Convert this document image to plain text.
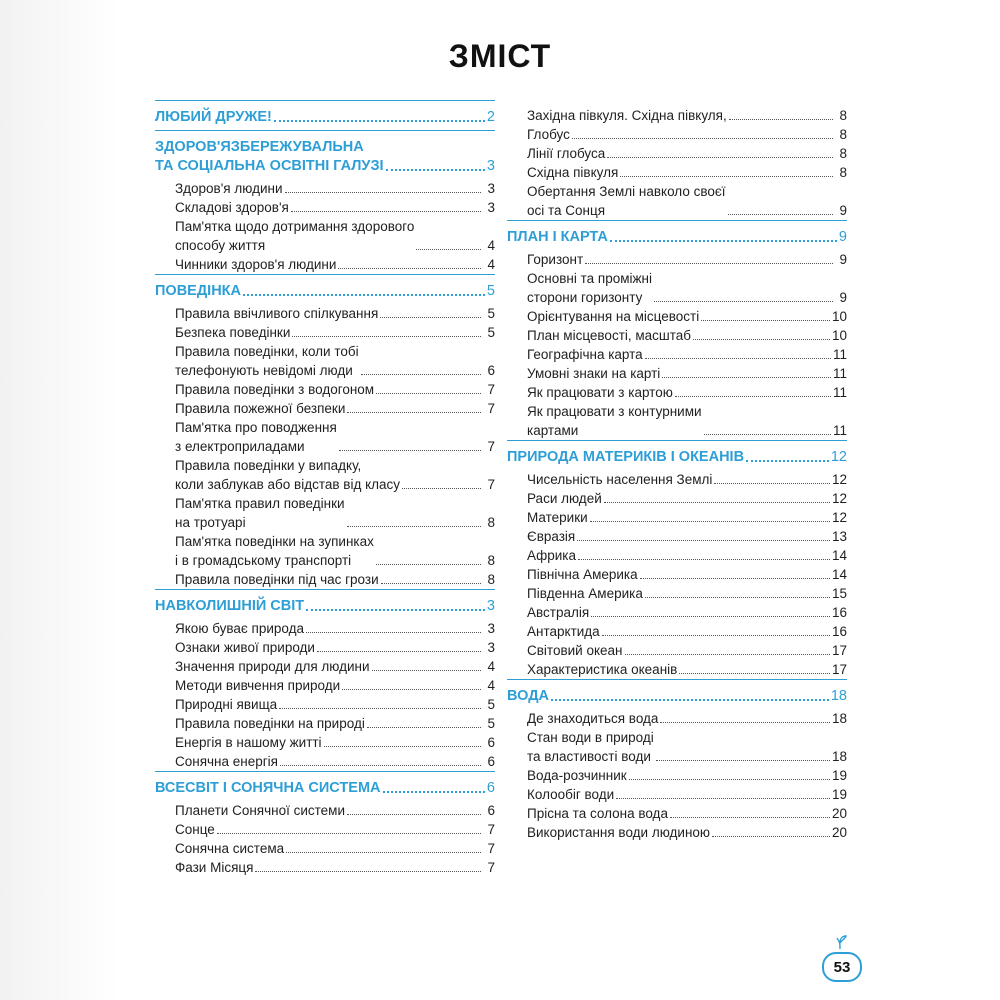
ЗМІСТ
ЛЮБИЙ ДРУЖЕ!	2
ЗДОРОВ'ЯЗБЕРЕЖУВАЛЬНА
ТА СОЦІАЛЬНА ОСВІТНІ ГАЛУЗІ	3
Здоров'я людини	3
Складові здоров'я	3
Пам'ятка щодо дотримання здорового
способу життя	4
Чинники здоров'я людини	4
ПОВЕДІНКА	5
Правила ввічливого спілкування	5
Безпека поведінки	5
Правила поведінки, коли тобі
телефонують невідомі люди	6
Правила поведінки з водогоном	7
Правила пожежної безпеки	7
Пам'ятка про поводження
з електроприладами	7
Правила поведінки у випадку,
коли заблукав або відстав від класу	7
Пам'ятка правил поведінки
на тротуарі	8
Пам'ятка поведінки на зупинках
і в громадському транспорті	8
Правила поведінки під час грози	8
НАВКОЛИШНІЙ СВІТ	3
Якою буває природа	3
Ознаки живої природи	3
Значення природи для людини	4
Методи вивчення природи	4
Природні явища	5
Правила поведінки на природі	5
Енергія в нашому житті	6
Сонячна енергія	6
ВСЕСВІТ І СОНЯЧНА СИСТЕМА	6
Планети Сонячної системи	6
Сонце	7
Сонячна система	7
Фази Місяця	7
Західна півкуля. Східна півкуля,	8
Глобус	8
Лінії глобуса	8
Східна півкуля	8
Обертання Землі навколо своєї
осі та Сонця	9
ПЛАН І КАРТА	9
Горизонт	9
Основні та проміжні
сторони горизонту	9
Орієнтування на місцевості	10
План місцевості, масштаб	10
Географічна карта	11
Умовні знаки на карті	11
Як працювати з картою	11
Як працювати з контурними
картами	11
ПРИРОДА МАТЕРИКІВ І ОКЕАНІВ	12
Чисельність населення Землі	12
Раси людей	12
Материки	12
Євразія	13
Африка	14
Північна Америка	14
Південна Америка	15
Австралія	16
Антарктида	16
Світовий океан	17
Характеристика океанів	17
ВОДА	18
Де знаходиться вода	18
Стан води в природі
та властивості води	18
Вода-розчинник	19
Колообіг води	19
Прісна та солона вода	20
Використання води людиною	20
53
